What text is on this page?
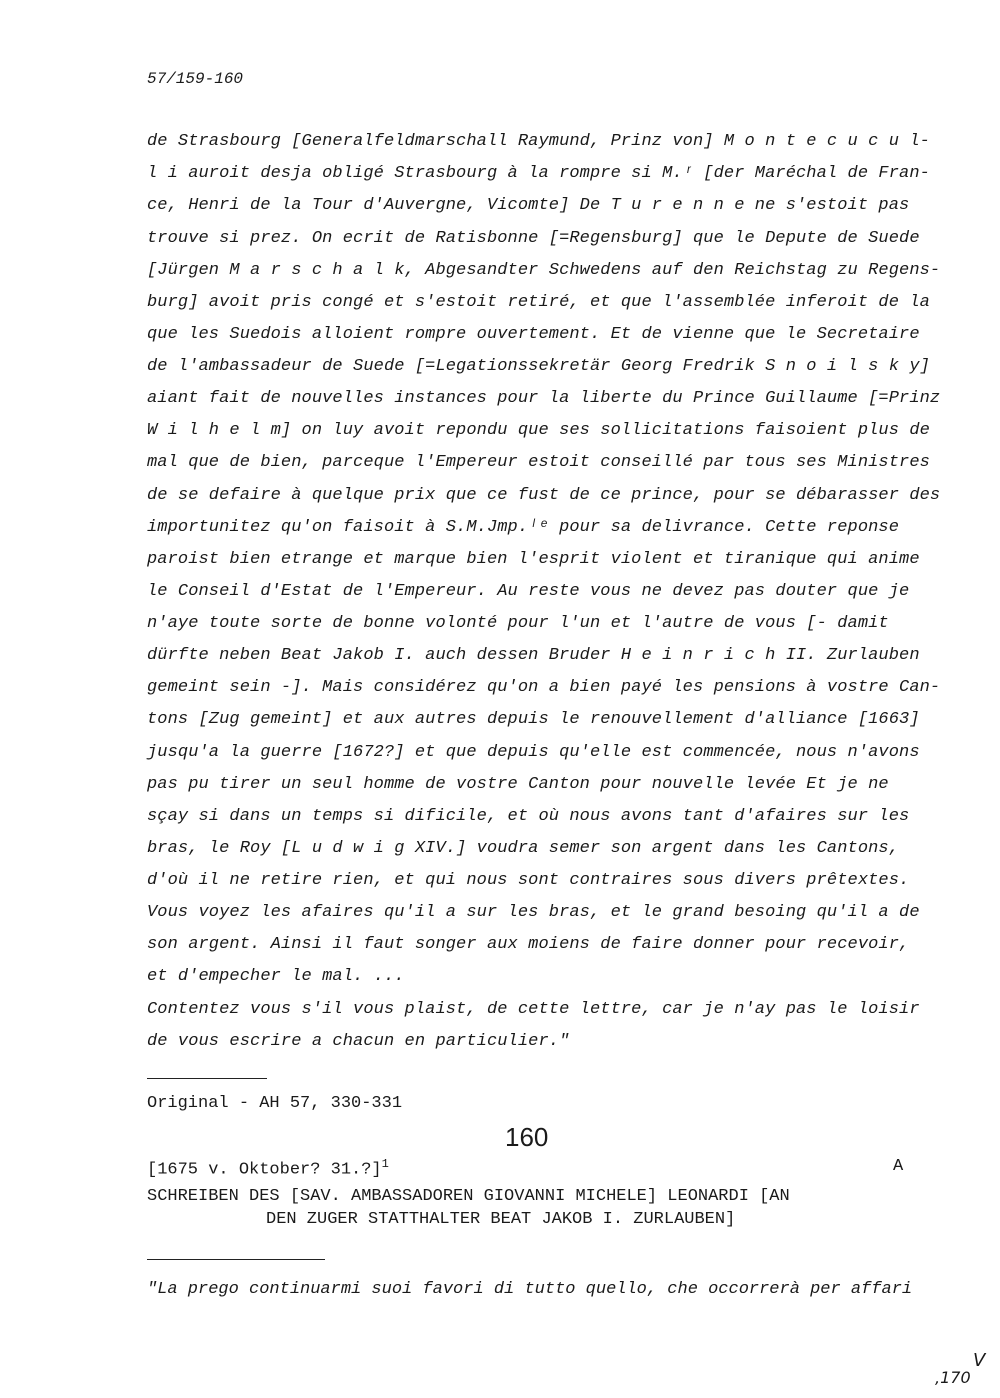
57/159-160

de Strasbourg [Generalfeldmarschall Raymund, Prinz von] M o n t e c u c u l-

l i auroit desja obligé Strasbourg à la rompre si M.ʳ [der Maréchal de Fran-

ce, Henri de la Tour d'Auvergne, Vicomte] De T u r e n n e ne s'estoit pas

trouve si prez. On ecrit de Ratisbonne [=Regensburg] que le Depute de Suede

[Jürgen M a r s c h a l k, Abgesandter Schwedens auf den Reichstag zu Regens-

burg] avoit pris congé et s'estoit retiré, et que l'assemblée inferoit de la

que les Suedois alloient rompre ouvertement. Et de vienne que le Secretaire

de l'ambassadeur de Suede [=Legationssekretär Georg Fredrik S n o i l s k y]

aiant fait de nouvelles instances pour la liberte du Prince Guillaume [=Prinz

W i l h e l m] on luy avoit repondu que ses sollicitations faisoient plus de

mal que de bien, parceque l'Empereur estoit conseillé par tous ses Ministres

de se defaire à quelque prix que ce fust de ce prince, pour se débarasser des

importunitez qu'on faisoit à S.M.Jmp.ˡᵉ pour sa delivrance. Cette reponse

paroist bien etrange et marque bien l'esprit violent et tiranique qui anime

le Conseil d'Estat de l'Empereur. Au reste vous ne devez pas douter que je

n'aye toute sorte de bonne volonté pour l'un et l'autre de vous [- damit

dürfte neben Beat Jakob I. auch dessen Bruder H e i n r i c h II. Zurlauben

gemeint sein -]. Mais considérez qu'on a bien payé les pensions à vostre Can-

tons [Zug gemeint] et aux autres depuis le renouvellement d'alliance [1663]

jusqu'a la guerre [1672?] et que depuis qu'elle est commencée, nous n'avons

pas pu tirer un seul homme de vostre Canton pour nouvelle levée Et je ne

sçay si dans un temps si dificile, et où nous avons tant d'afaires sur les

bras, le Roy [L u d w i g XIV.] voudra semer son argent dans les Cantons,

d'où il ne retire rien, et qui nous sont contraires sous divers prêtextes.

Vous voyez les afaires qu'il a sur les bras, et le grand besoing qu'il a de

son argent. Ainsi il faut songer aux moiens de faire donner pour recevoir,

et d'empecher le mal. ...

Contentez vous s'il vous plaist, de cette lettre, car je n'ay pas le loisir

de vous escrire a chacun en particulier."

Original - AH 57, 330-331

160

[1675 v. Oktober? 31.?]$^1$	A

SCHREIBEN DES [SAV. AMBASSADOREN GIOVANNI MICHELE] LEONARDI [AN

DEN ZUGER STATTHALTER BEAT JAKOB I. ZURLAUBEN]

"La prego continuarmi suoi favori di tutto quello, che occorrerà per affari

V
,170
